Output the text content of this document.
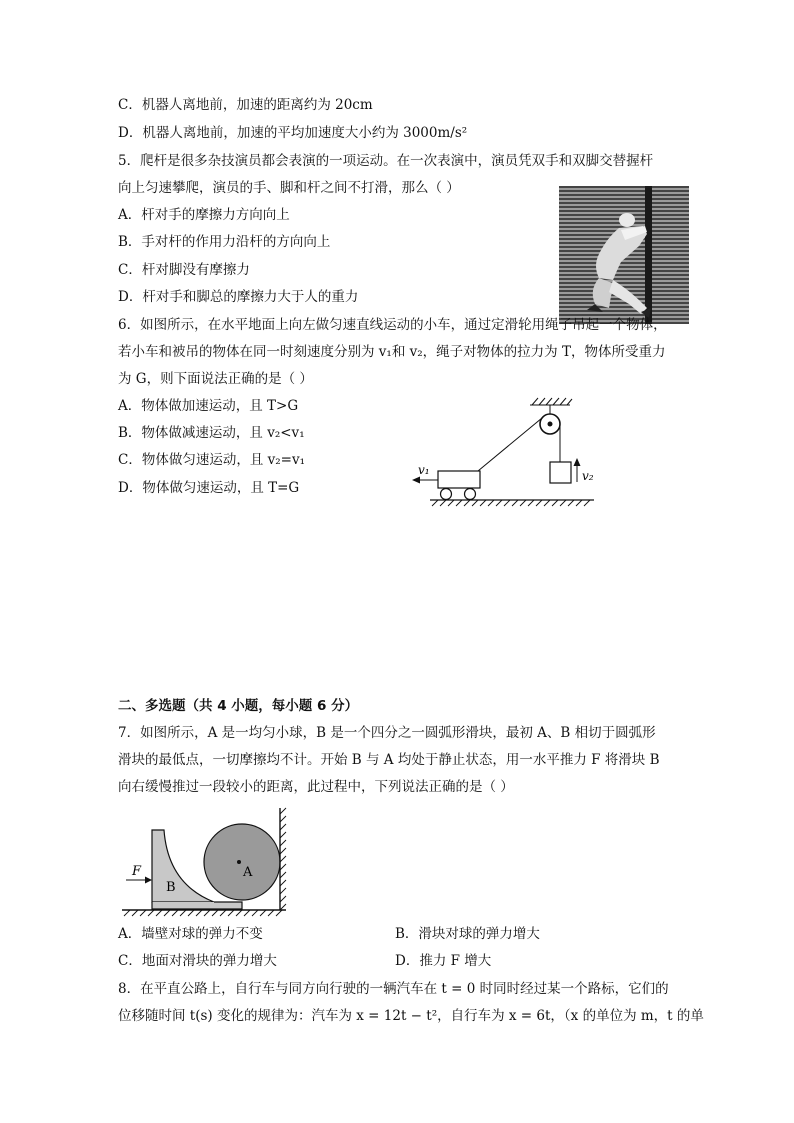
C．机器人离地前，加速的距离约为 20cm
D．机器人离地前，加速的平均加速度大小约为 3000m/s²
5．爬杆是很多杂技演员都会表演的一项运动。在一次表演中，演员凭双手和双脚交替握杆
向上匀速攀爬，演员的手、脚和杆之间不打滑，那么（ ）
A．杆对手的摩擦力方向向上
B．手对杆的作用力沿杆的方向向上
C．杆对脚没有摩擦力
D．杆对手和脚总的摩擦力大于人的重力
6．如图所示，在水平地面上向左做匀速直线运动的小车，通过定滑轮用绳子吊起一个物体，
若小车和被吊的物体在同一时刻速度分别为 v₁和 v₂，绳子对物体的拉力为 T，物体所受重力
为 G，则下面说法正确的是（ ）
A．物体做加速运动，且 T>G
B．物体做减速运动，且 v₂<v₁
C．物体做匀速运动，且 v₂=v₁
D．物体做匀速运动，且 T=G
v₁	v₂
二、多选题（共 4 小题，每小题 6 分）
7．如图所示，A 是一均匀小球，B 是一个四分之一圆弧形滑块，最初 A、B 相切于圆弧形
滑块的最低点，一切摩擦均不计。开始 B 与 A 均处于静止状态，用一水平推力 F 将滑块 B
向右缓慢推过一段较小的距离，此过程中，下列说法正确的是（ ）
F	A
B
A．墙壁对球的弹力不变	B．滑块对球的弹力增大
C．地面对滑块的弹力增大	D．推力 F 增大
8．在平直公路上，自行车与同方向行驶的一辆汽车在 t = 0 时同时经过某一个路标，它们的
位移随时间 t(s) 变化的规律为：汽车为 x = 12t − t²，自行车为 x = 6t，（x 的单位为 m，t 的单
